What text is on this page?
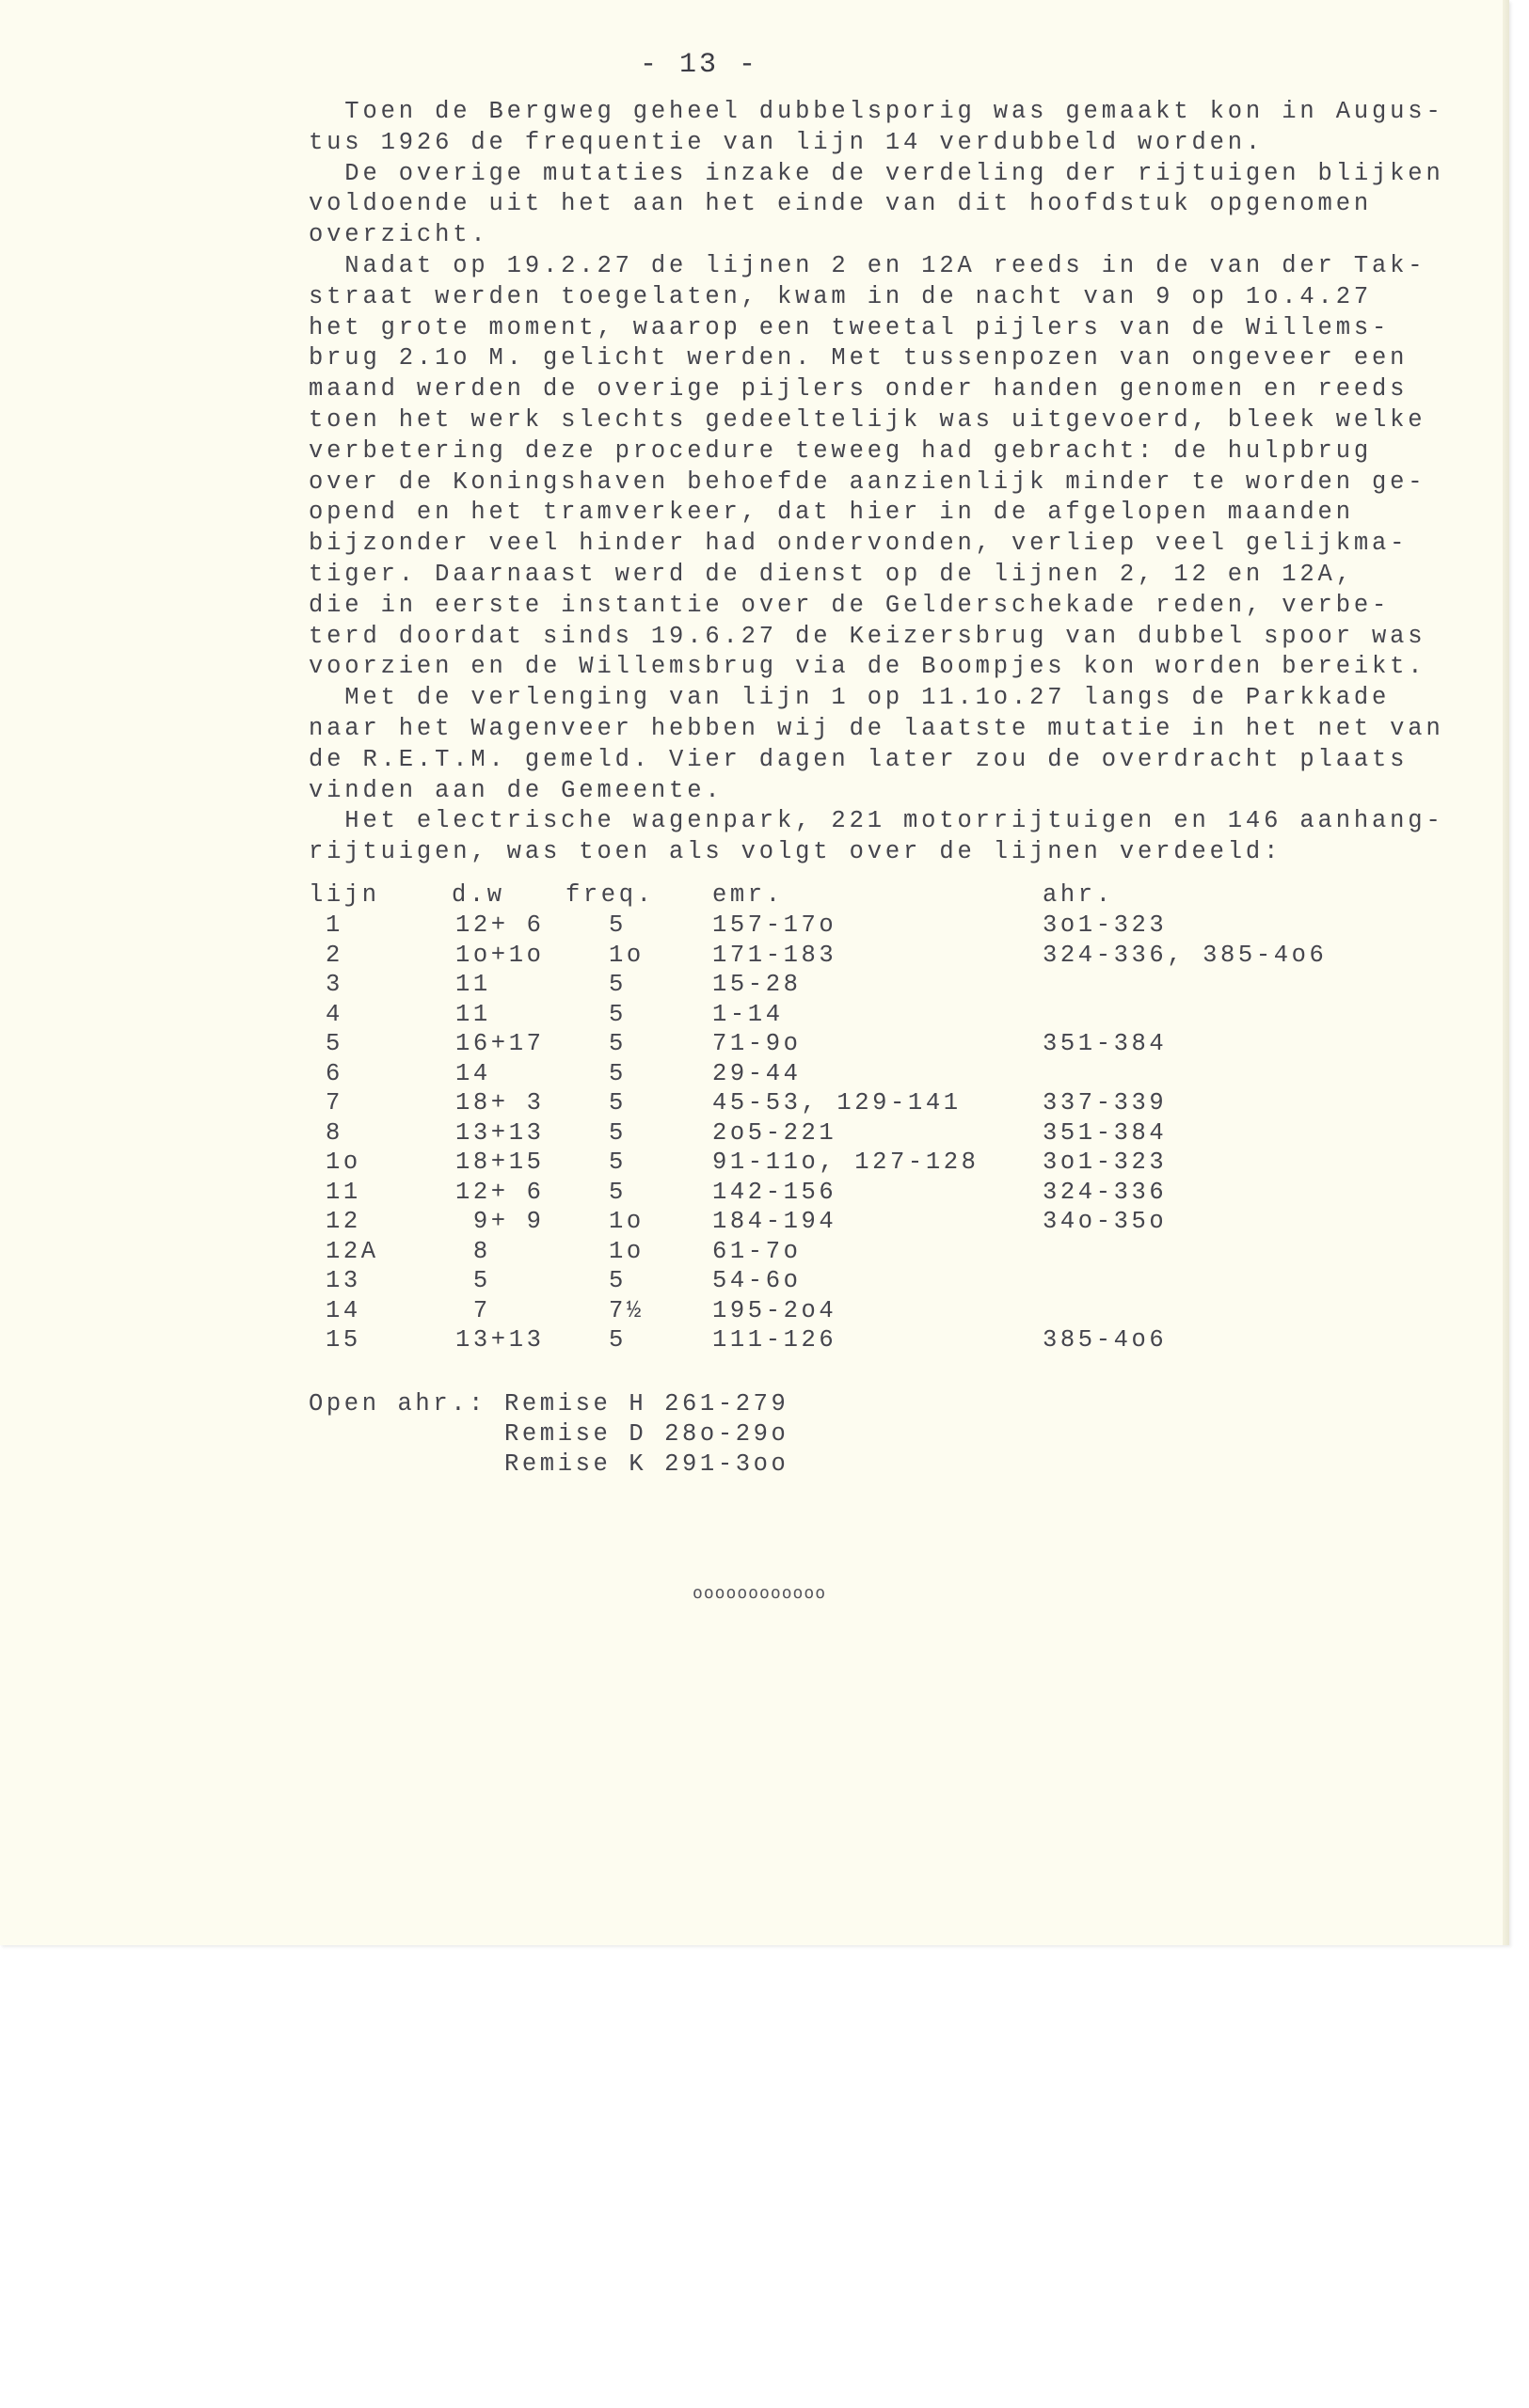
- 13 -
Toen de Bergweg geheel dubbelsporig was gemaakt kon in Augus-
tus 1926 de frequentie van lijn 14 verdubbeld worden.
De overige mutaties inzake de verdeling der rijtuigen blijken
voldoende uit het aan het einde van dit hoofdstuk opgenomen
overzicht.
Nadat op 19.2.27 de lijnen 2 en 12A reeds in de van der Tak-
straat werden toegelaten, kwam in de nacht van 9 op 1o.4.27
het grote moment, waarop een tweetal pijlers van de Willems-
brug 2.1o M. gelicht werden. Met tussenpozen van ongeveer een
maand werden de overige pijlers onder handen genomen en reeds
toen het werk slechts gedeeltelijk was uitgevoerd, bleek welke
verbetering deze procedure teweeg had gebracht: de hulpbrug
over de Koningshaven behoefde aanzienlijk minder te worden ge-
opend en het tramverkeer, dat hier in de afgelopen maanden
bijzonder veel hinder had ondervonden, verliep veel gelijkma-
tiger. Daarnaast werd de dienst op de lijnen 2, 12 en 12A,
die in eerste instantie over de Gelderschekade reden, verbe-
terd doordat sinds 19.6.27 de Keizersbrug van dubbel spoor was
voorzien en de Willemsbrug via de Boompjes kon worden bereikt.
Met de verlenging van lijn 1 op 11.1o.27 langs de Parkkade
naar het Wagenveer hebben wij de laatste mutatie in het net van
de R.E.T.M. gemeld. Vier dagen later zou de overdracht plaats
vinden aan de Gemeente.
Het electrische wagenpark, 221 motorrijtuigen en 146 aanhang-
rijtuigen, was toen als volgt over de lijnen verdeeld:
lijn	d.w	freq. emr.	ahr.
1	12+ 6	5	157-17o	3o1-323
2	1o+1o	1o	171-183	324-336, 385-4o6
3	11	5	15-28
4	11	5	1-14
5	16+17	5	71-9o	351-384
6	14	5	29-44
7	18+ 3	5	45-53, 129-141	337-339
8	13+13	5	2o5-221	351-384
1o	18+15	5	91-11o, 127-128	3o1-323
11	12+ 6	5	142-156	324-336
12	9+ 9	1o	184-194	34o-35o
12A	8	1o	61-7o
13	5	5	54-6o
14	7	7½	195-2o4
15	13+13	5	111-126	385-4o6
Open ahr.: Remise H 261-279
Remise D 28o-29o
Remise K 291-3oo
oooooooooooo
